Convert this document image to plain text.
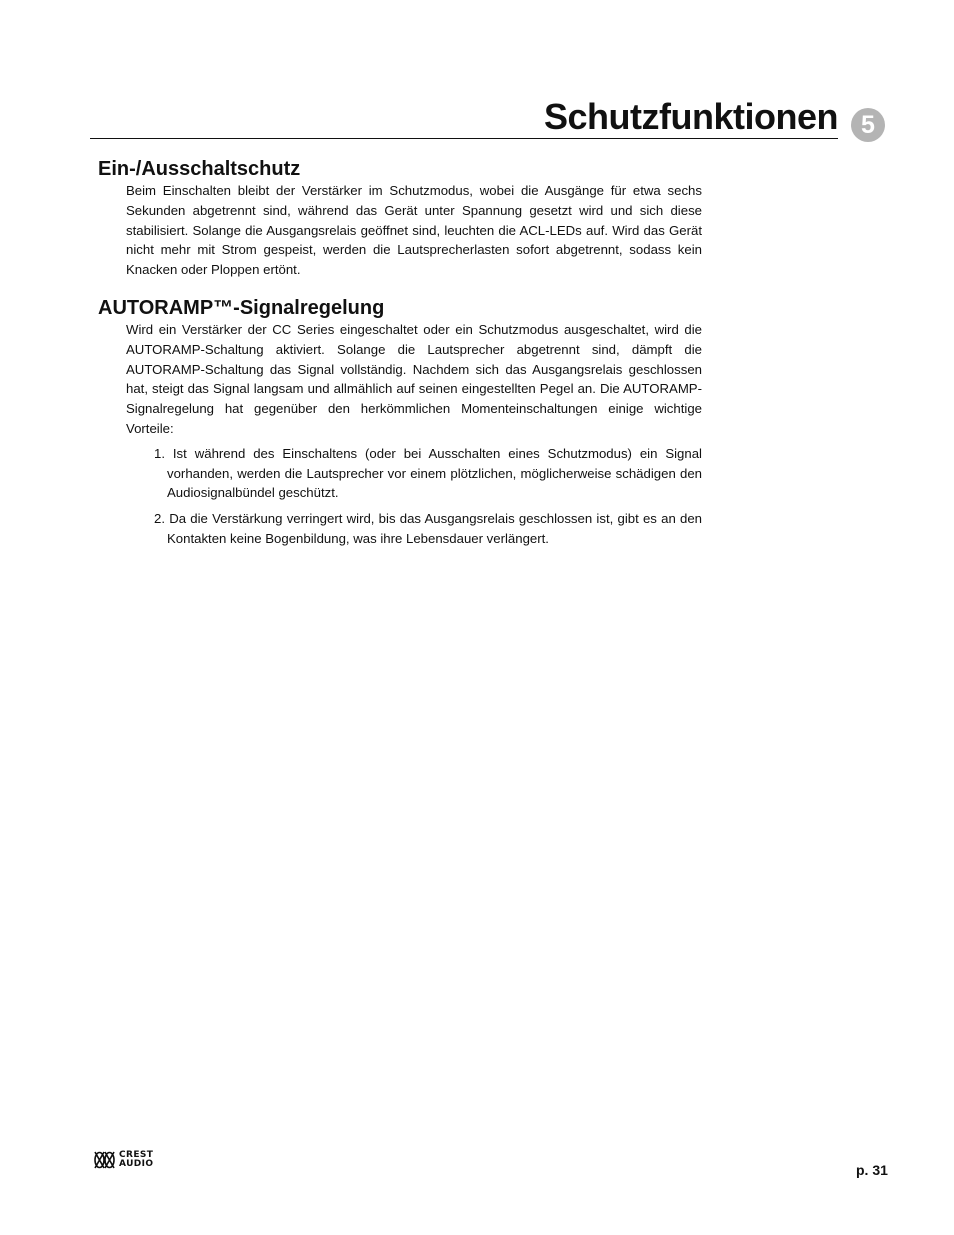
Schutzfunktionen 5
Ein-/Ausschaltschutz

Beim Einschalten bleibt der Verstärker im Schutzmodus, wobei die Ausgänge für etwa sechs Sekunden abgetrennt sind, während das Gerät unter Spannung gesetzt wird und sich diese stabilisiert. Solange die Ausgangsrelais geöffnet sind, leuchten die ACL-LEDs auf. Wird das Gerät nicht mehr mit Strom gespeist, werden die Lautsprecherlasten sofort abgetrennt, sodass kein Knacken oder Ploppen ertönt.

AUTORAMP™-Signalregelung

Wird ein Verstärker der CC Series eingeschaltet oder ein Schutzmodus ausgeschaltet, wird die AUTORAMP-Schaltung aktiviert. Solange die Lautsprecher abgetrennt sind, dämpft die AUTORAMP-Schaltung das Signal vollständig. Nachdem sich das Ausgangsrelais geschlossen hat, steigt das Signal langsam und allmählich auf seinen eingestellten Pegel an. Die AUTORAMP-Signalregelung hat gegenüber den herkömmlichen Momenteinschaltungen einige wichtige Vorteile:

1. Ist während des Einschaltens (oder bei Ausschalten eines Schutzmodus) ein Signal vorhanden, werden die Lautsprecher vor einem plötzlichen, möglicherweise schädigen den Audiosignalbündel geschützt.
2. Da die Verstärkung verringert wird, bis das Ausgangsrelais geschlossen ist, gibt es an den Kontakten keine Bogenbildung, was ihre Lebensdauer verlängert.
CREST
AUDIO	p. 31
